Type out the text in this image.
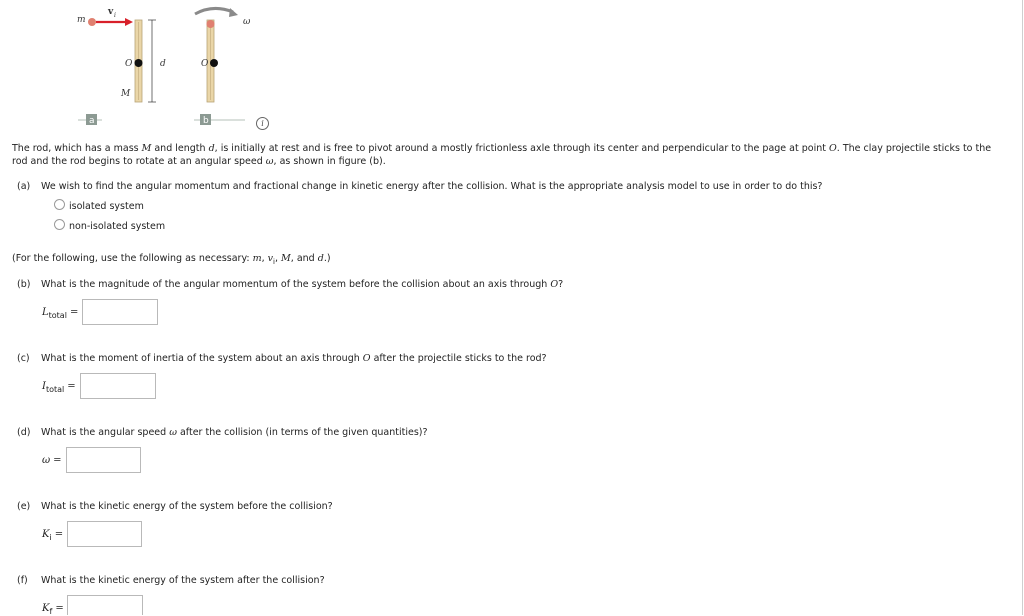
m
v i
O
M
d
ω
O
a	b	i
The rod, which has a mass M and length d, is initially at rest and is free to pivot around a mostly frictionless axle through its center and perpendicular to the page at point O. The clay projectile sticks to the rod and the rod begins to rotate at an angular speed ω, as shown in figure (b).
(a) We wish to find the angular momentum and fractional change in kinetic energy after the collision. What is the appropriate analysis model to use in order to do this?
isolated system
non-isolated system
(For the following, use the following as necessary: m, $v_i$, M, and d.)
(b) What is the magnitude of the angular momentum of the system before the collision about an axis through O?
$L_{total}$ =
(c) What is the moment of inertia of the system about an axis through O after the projectile sticks to the rod?
$I_{total}$ =
(d) What is the angular speed ω after the collision (in terms of the given quantities)?
ω =
(e) What is the kinetic energy of the system before the collision?
$K_i$ =
(f) What is the kinetic energy of the system after the collision?
$K_f$ =
